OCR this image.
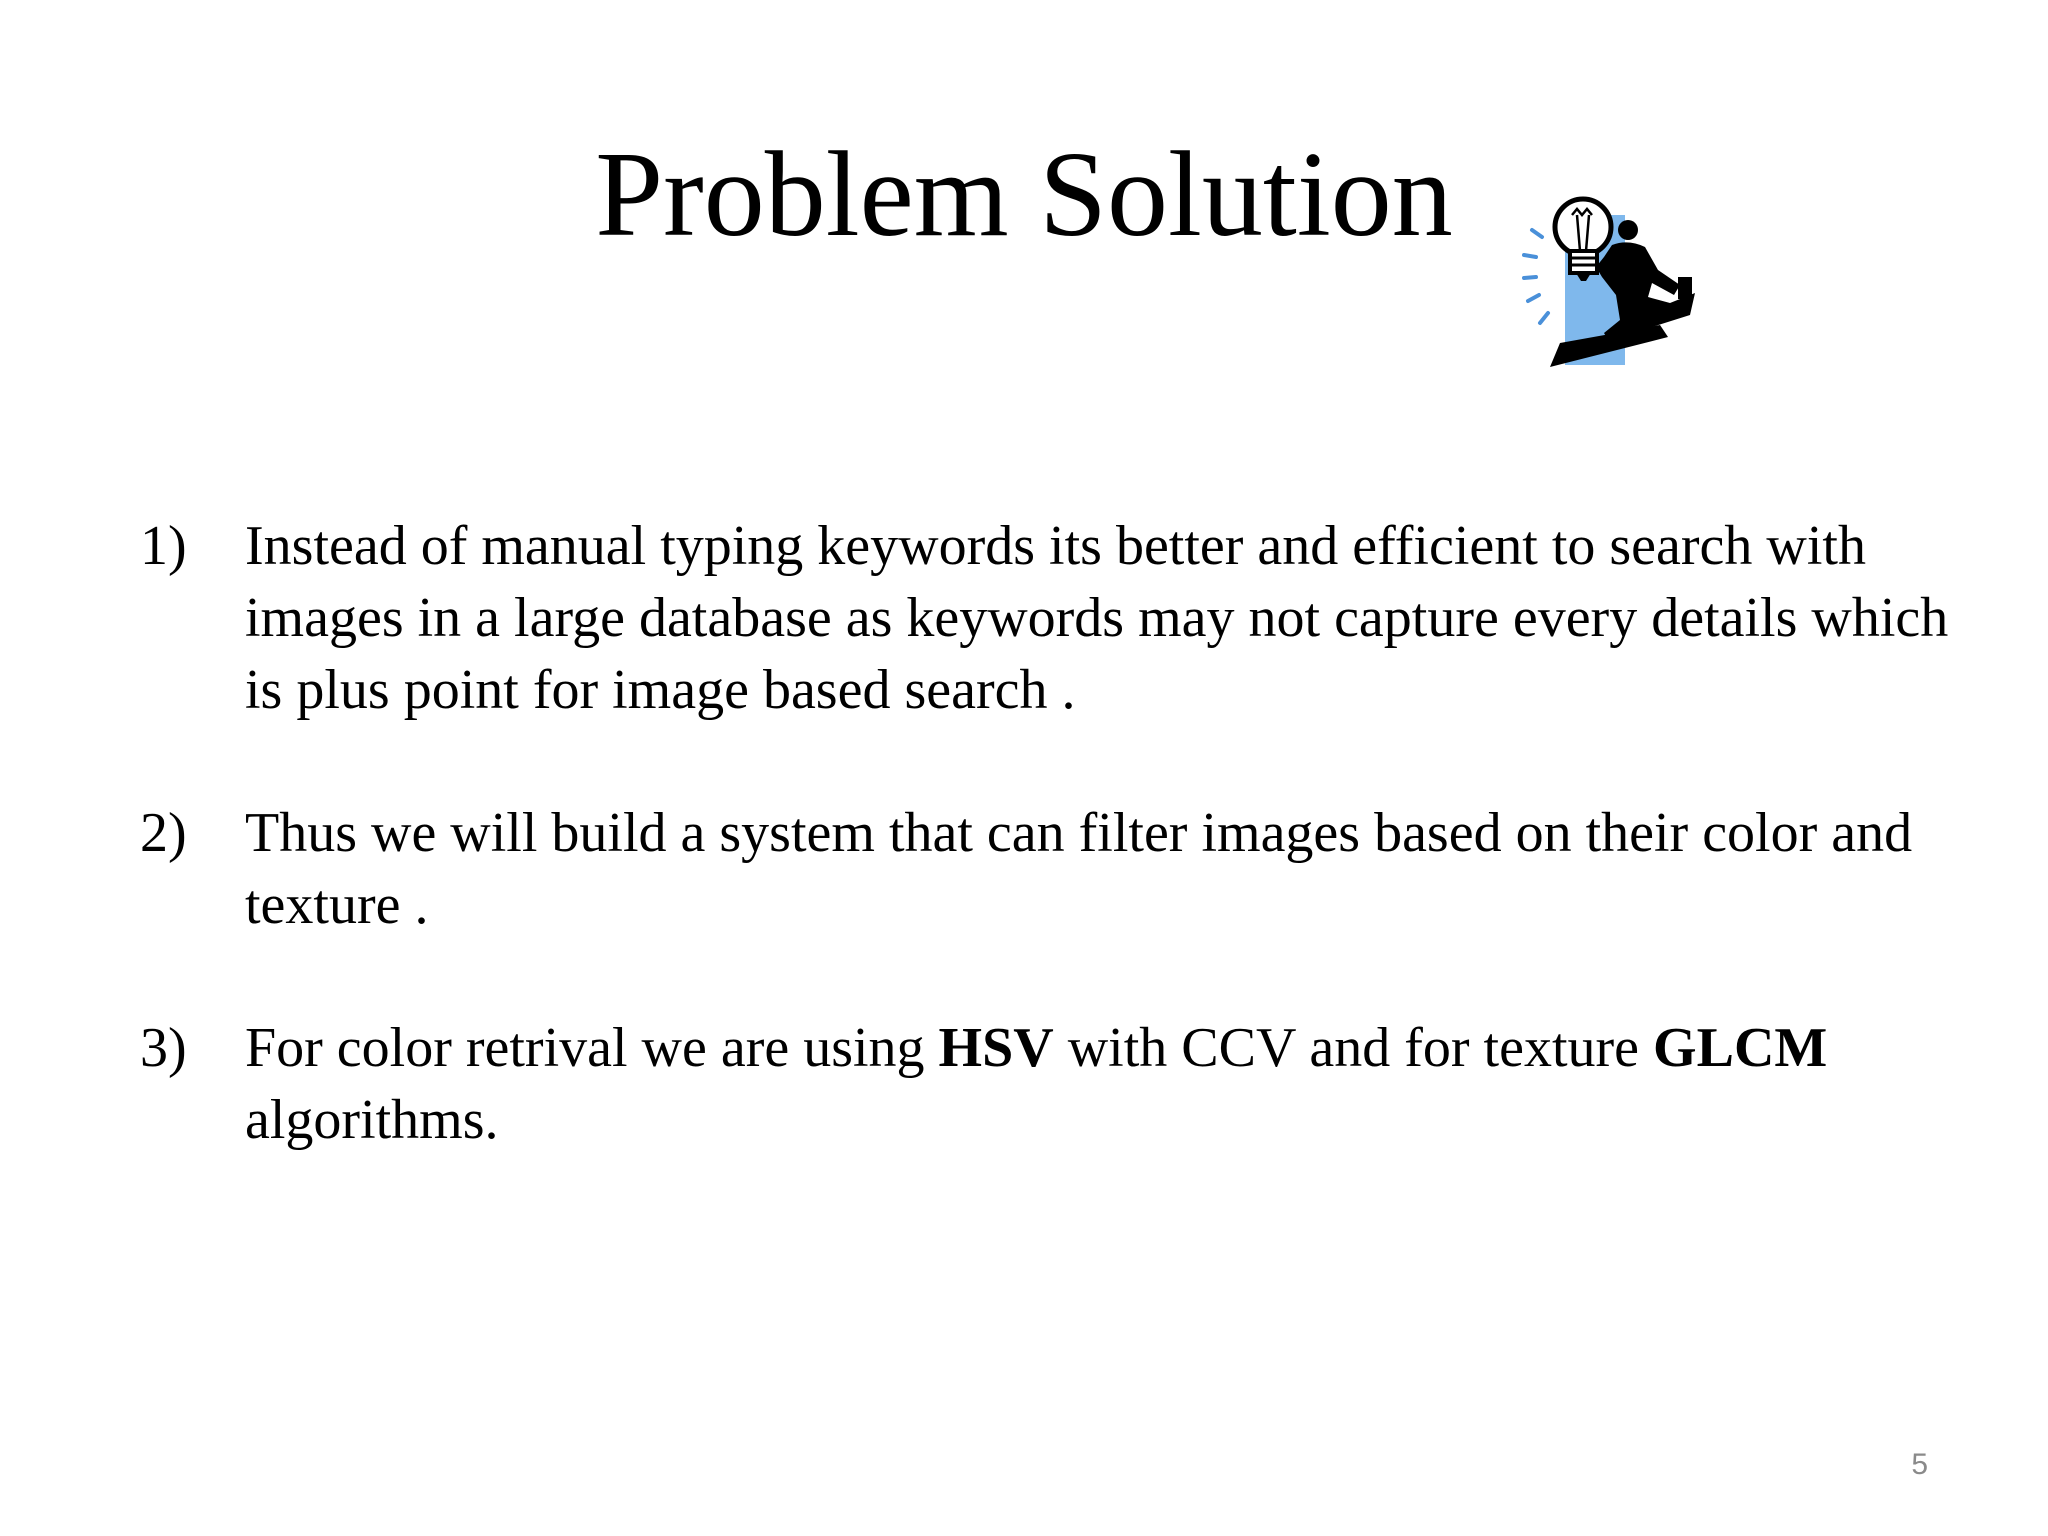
Problem Solution
1) Instead of manual typing keywords its better and efficient to search with images in a large database as keywords may not capture every details which is plus point for image based search .
2) Thus we will build a system that can filter images based on their color and texture .
3) For color retrival we are using HSV with CCV and for texture GLCM algorithms.
5
